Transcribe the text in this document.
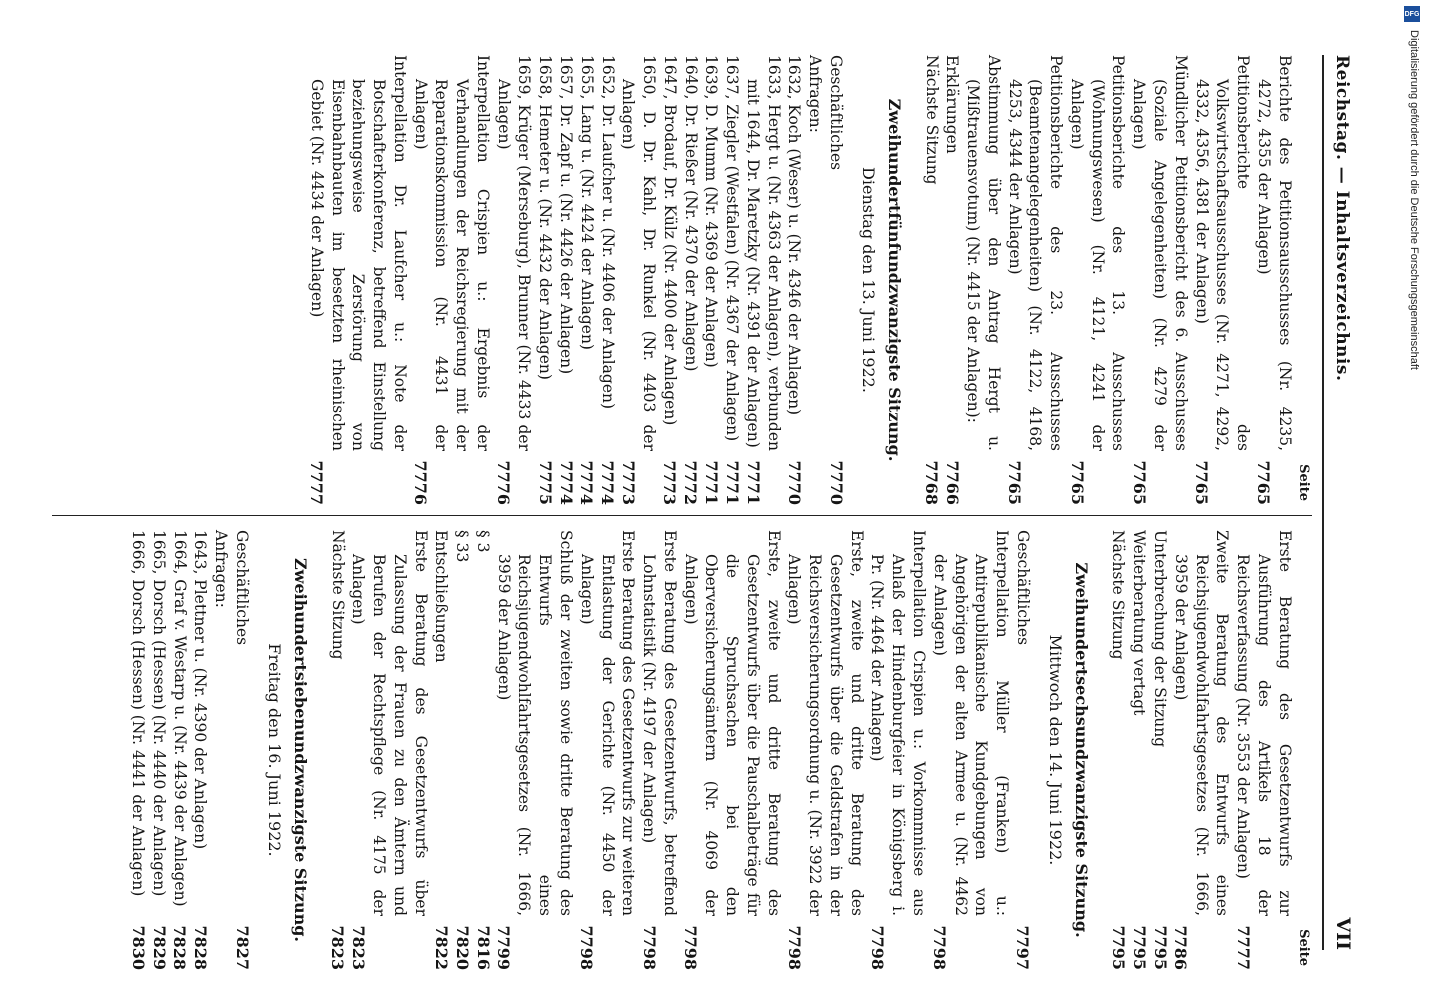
DFG
Digitalisierung gefördert durch die Deutsche Forschungsgemeinschaft
Reichstag. — Inhaltsverzeichnis.
VII
Seite
Berichte des Petitionsausschusses (Nr. 4235, 4272, 4355 der Anlagen)
7765
Petitionsberichte des Volkswirtschaftsausschusses (Nr. 4271, 4292, 4332, 4356, 4381 der Anlagen)
7765
Mündlicher Petitionsbericht des 6. Ausschusses (Soziale Angelegenheiten) (Nr. 4279 der Anlagen)
7765
Petitionsberichte des 13. Ausschusses (Wohnungswesen) (Nr. 4121, 4241 der Anlagen)
7765
Petitionsberichte des 23. Ausschusses (Beamtenangelegenheiten) (Nr. 4122, 4168, 4253, 4344 der Anlagen)
7765
Abstimmung über den Antrag Hergt u. (Mißtrauensvotum) (Nr. 4415 der Anlagen):
Erklärungen
7766
Nächste Sitzung
7768
Zweihundertfünfundzwanzigste Sitzung.
Dienstag den 13. Juni 1922.
Geschäftliches
7770
Anfragen:
1632, Koch (Weser) u. (Nr. 4346 der Anlagen)
7770
1633, Hergt u. (Nr. 4363 der Anlagen), verbunden mit 1644, Dr. Maretzky (Nr. 4391 der Anlagen)
7771
1637, Ziegler (Westfalen) (Nr. 4367 der Anlagen)
7771
1639, D. Mumm (Nr. 4369 der Anlagen)
7771
1640, Dr. Rießer (Nr. 4370 der Anlagen)
7772
1647, Brodauf, Dr. Külz (Nr. 4400 der Anlagen)
7773
1650, D. Dr. Kahl, Dr. Runkel (Nr. 4403 der Anlagen)
7773
1652, Dr. Laufcher u. (Nr. 4406 der Anlagen)
7774
1655, Lang u. (Nr. 4424 der Anlagen)
7774
1657, Dr. Zapf u. (Nr. 4426 der Anlagen)
7774
1658, Hemeter u. (Nr. 4432 der Anlagen)
7775
1659, Krüger (Merseburg), Brunner (Nr. 4433 der Anlagen)
7776
Interpellation Crispien u.: Ergebnis der Verhandlungen der Reichsregierung mit der Reparationskommission (Nr. 4431 der Anlagen)
7776
Interpellation Dr. Laufcher u.: Note der Botschafterkonferenz, betreffend Einstellung beziehungsweise Zerstörung von Eisenbahnbauten im besetzten rheinischen Gebiet (Nr. 4434 der Anlagen)
7777
Seite
Erste Beratung des Gesetzentwurfs zur Ausführung des Artikels 18 der Reichsverfassung (Nr. 3553 der Anlagen)
7777
Zweite Beratung des Entwurfs eines Reichsjugendwohlfahrtsgesetzes (Nr. 1666, 3959 der Anlagen)
7786
Unterbrechung der Sitzung
7795
Weiterberatung vertagt
7795
Nächste Sitzung
7795
Zweihundertsechsundzwanzigste Sitzung.
Mittwoch den 14. Juni 1922.
Geschäftliches
7797
Interpellation Müller (Franken) u.: Antirepublikanische Kundgebungen von Angehörigen der alten Armee u. (Nr. 4462 der Anlagen)
7798
Interpellation Crispien u.: Vorkommnisse aus Anlaß der Hindenburgfeier in Königsberg i. Pr. (Nr. 4464 der Anlagen)
7798
Erste, zweite und dritte Beratung des Gesetzentwurfs über die Geldstrafen in der Reichsversicherungsordnung u. (Nr. 3922 der Anlagen)
7798
Erste, zweite und dritte Beratung des Gesetzentwurfs über die Pauschalbeträge für die Spruchsachen bei den Oberversicherungsämtern (Nr. 4069 der Anlagen)
7798
Erste Beratung des Gesetzentwurfs, betreffend Lohnstatistik (Nr. 4197 der Anlagen)
7798
Erste Beratung des Gesetzentwurfs zur weiteren Entlastung der Gerichte (Nr. 4450 der Anlagen)
7798
Schluß der zweiten sowie dritte Beratung des Entwurfs eines Reichsjugendwohlfahrtsgesetzes (Nr. 1666, 3959 der Anlagen)
7799
§ 3
7816
§ 33
7820
Entschließungen
7822
Erste Beratung des Gesetzentwurfs über Zulassung der Frauen zu den Ämtern und Berufen der Rechtspflege (Nr. 4175 der Anlagen)
7823
Nächste Sitzung
7823
Zweihundertsiebenundzwanzigste Sitzung.
Freitag den 16. Juni 1922.
Geschäftliches
7827
Anfragen:
1643, Plettner u. (Nr. 4390 der Anlagen)
7828
1664, Graf v. Westarp u. (Nr. 4439 der Anlagen)
7828
1665, Dorsch (Hessen) (Nr. 4440 der Anlagen)
7829
1666, Dorsch (Hessen) (Nr. 4441 der Anlagen)
7830
